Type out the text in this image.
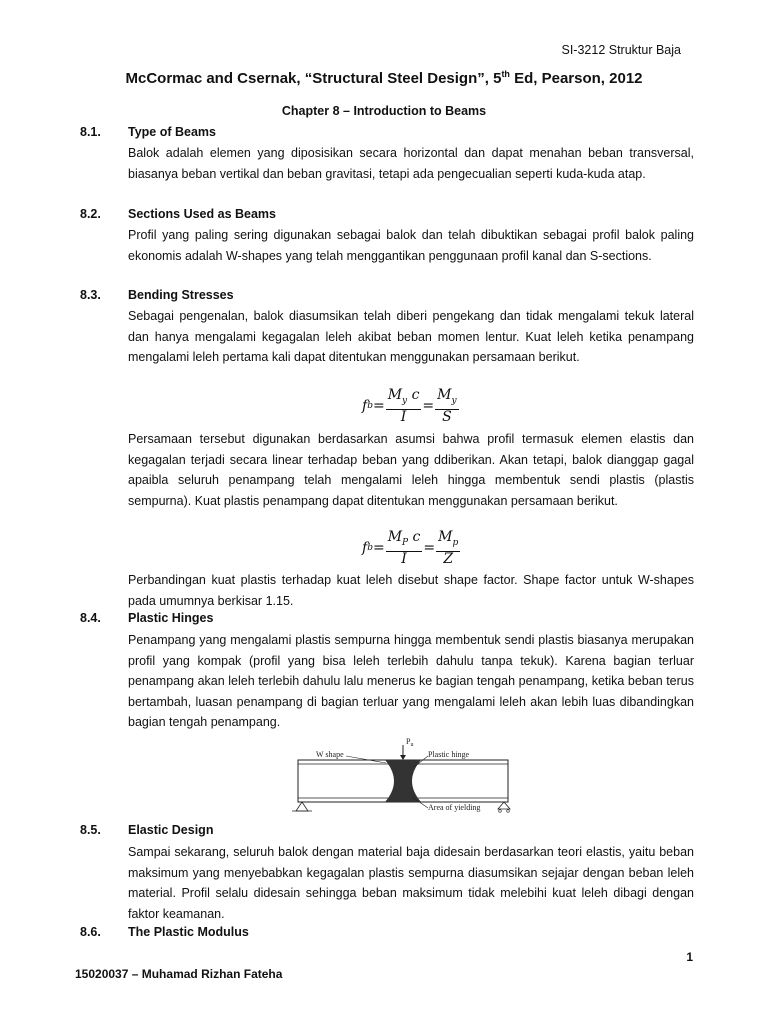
SI-3212 Struktur Baja
McCormac and Csernak, “Structural Steel Design”, 5th Ed, Pearson, 2012
Chapter 8 – Introduction to Beams
8.1. Type of Beams
Balok adalah elemen yang diposisikan secara horizontal dan dapat menahan beban transversal, biasanya beban vertikal dan beban gravitasi, tetapi ada pengecualian seperti kuda-kuda atap.
8.2. Sections Used as Beams
Profil yang paling sering digunakan sebagai balok dan telah dibuktikan sebagai profil balok paling ekonomis adalah W-shapes yang telah menggantikan penggunaan profil kanal dan S-sections.
8.3. Bending Stresses
Sebagai pengenalan, balok diasumsikan telah diberi pengekang dan tidak mengalami tekuk lateral dan hanya mengalami kegagalan leleh akibat beban momen lentur. Kuat leleh ketika penampang mengalami leleh pertama kali dapat ditentukan menggunakan persamaan berikut.
f $b = \frac{M_y c}{I} = \frac{M_y}{S}$
Persamaan tersebut digunakan berdasarkan asumsi bahwa profil termasuk elemen elastis dan kegagalan terjadi secara linear terhadap beban yang ddiberikan. Akan tetapi, balok dianggap gagal apaibla seluruh penampang telah mengalami leleh hingga membentuk sendi plastis (plastis sempurna). Kuat plastis penampang dapat ditentukan menggunakan persamaan berikut.
f $b = \frac{M_P c}{I} = \frac{M_p}{Z}$
Perbandingan kuat plastis terhadap kuat leleh disebut shape factor. Shape factor untuk W-shapes pada umumnya berkisar 1.15.
8.4. Plastic Hinges
Penampang yang mengalami plastis sempurna hingga membentuk sendi plastis biasanya merupakan profil yang kompak (profil yang bisa leleh terlebih dahulu tanpa tekuk). Karena bagian terluar penampang akan leleh terlebih dahulu lalu menerus ke bagian tengah penampang, ketika beban terus bertambah, luasan penampang di bagian terluar yang mengalami leleh akan lebih luas dibandingkan bagian tengah penampang.
$P_u$
W shape	Plastic hinge
Area of yielding
8.5. Elastic Design
Sampai sekarang, seluruh balok dengan material baja didesain berdasarkan teori elastis, yaitu beban maksimum yang menyebabkan kegagalan plastis sempurna diasumsikan sejajar dengan beban leleh material. Profil selalu didesain sehingga beban maksimum tidak melebihi kuat leleh dibagi dengan faktor keamanan.
8.6. The Plastic Modulus
1
15020037 – Muhamad Rizhan Fateha
